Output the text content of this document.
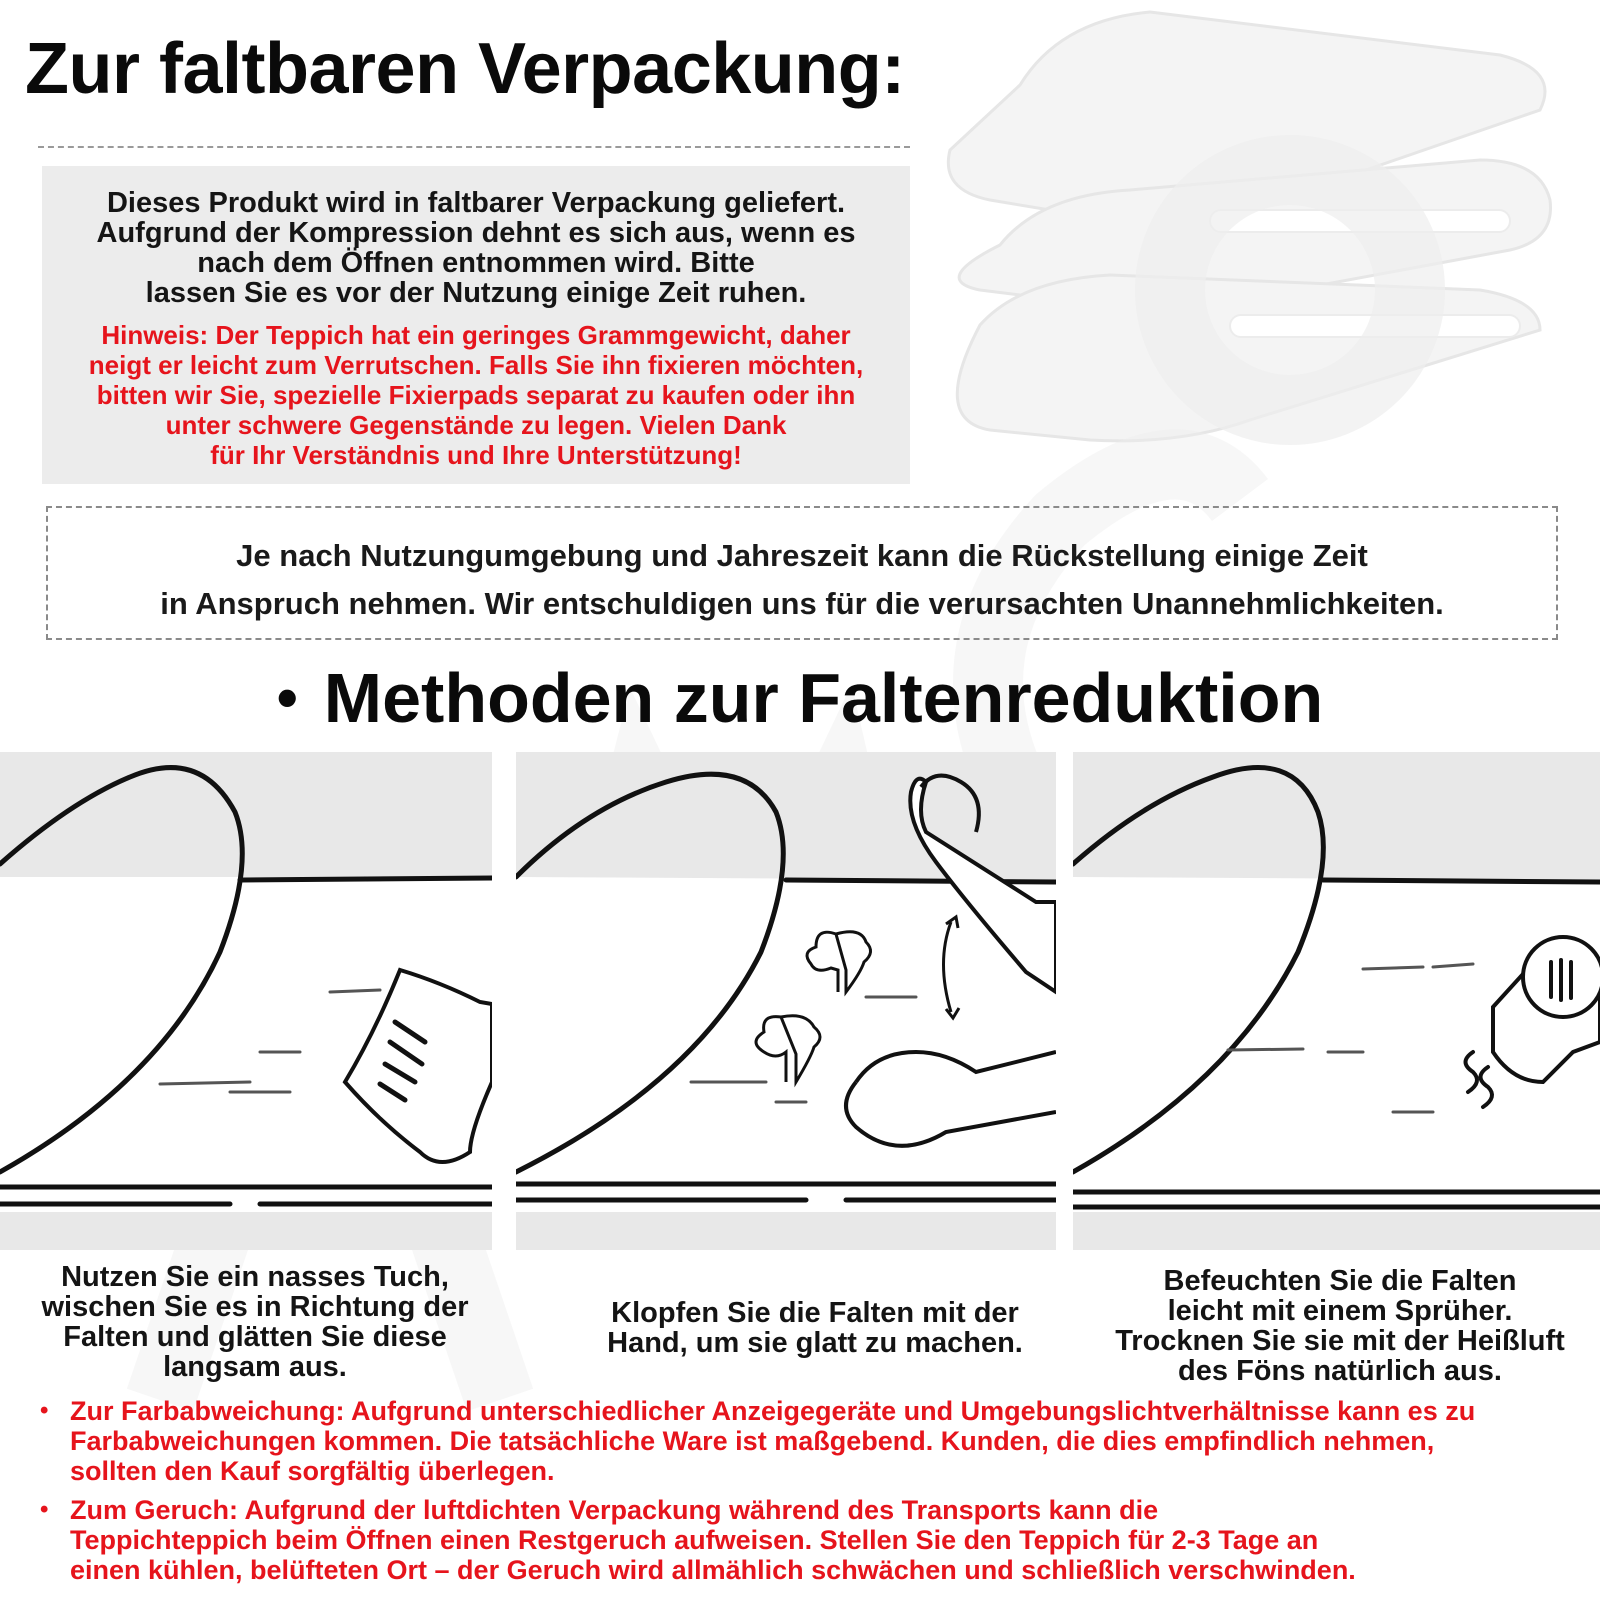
Zur faltbaren Verpackung:
Dieses Produkt wird in faltbarer Verpackung geliefert.
Aufgrund der Kompression dehnt es sich aus, wenn es
nach dem Öffnen entnommen wird. Bitte
lassen Sie es vor der Nutzung einige Zeit ruhen.
Hinweis: Der Teppich hat ein geringes Grammgewicht, daher
neigt er leicht zum Verrutschen. Falls Sie ihn fixieren möchten,
bitten wir Sie, spezielle Fixierpads separat zu kaufen oder ihn
unter schwere Gegenstände zu legen. Vielen Dank
für Ihr Verständnis und Ihre Unterstützung!
Je nach Nutzungumgebung und Jahreszeit kann die Rückstellung einige Zeit
in Anspruch nehmen. Wir entschuldigen uns für die verursachten Unannehmlichkeiten.
• Methoden zur Faltenreduktion
Nutzen Sie ein nasses Tuch,
wischen Sie es in Richtung der
Falten und glätten Sie diese
langsam aus.
Klopfen Sie die Falten mit der
Hand, um sie glatt zu machen.
Befeuchten Sie die Falten
leicht mit einem Sprüher.
Trocknen Sie sie mit der Heißluft
des Föns natürlich aus.
• Zur Farbabweichung: Aufgrund unterschiedlicher Anzeigegeräte und Umgebungslichtverhältnisse kann es zu
Farbabweichungen kommen. Die tatsächliche Ware ist maßgebend. Kunden, die dies empfindlich nehmen,
sollten den Kauf sorgfältig überlegen.
• Zum Geruch: Aufgrund der luftdichten Verpackung während des Transports kann die
Teppichteppich beim Öffnen einen Restgeruch aufweisen. Stellen Sie den Teppich für 2-3 Tage an
einen kühlen, belüfteten Ort – der Geruch wird allmählich schwächen und schließlich verschwinden.
